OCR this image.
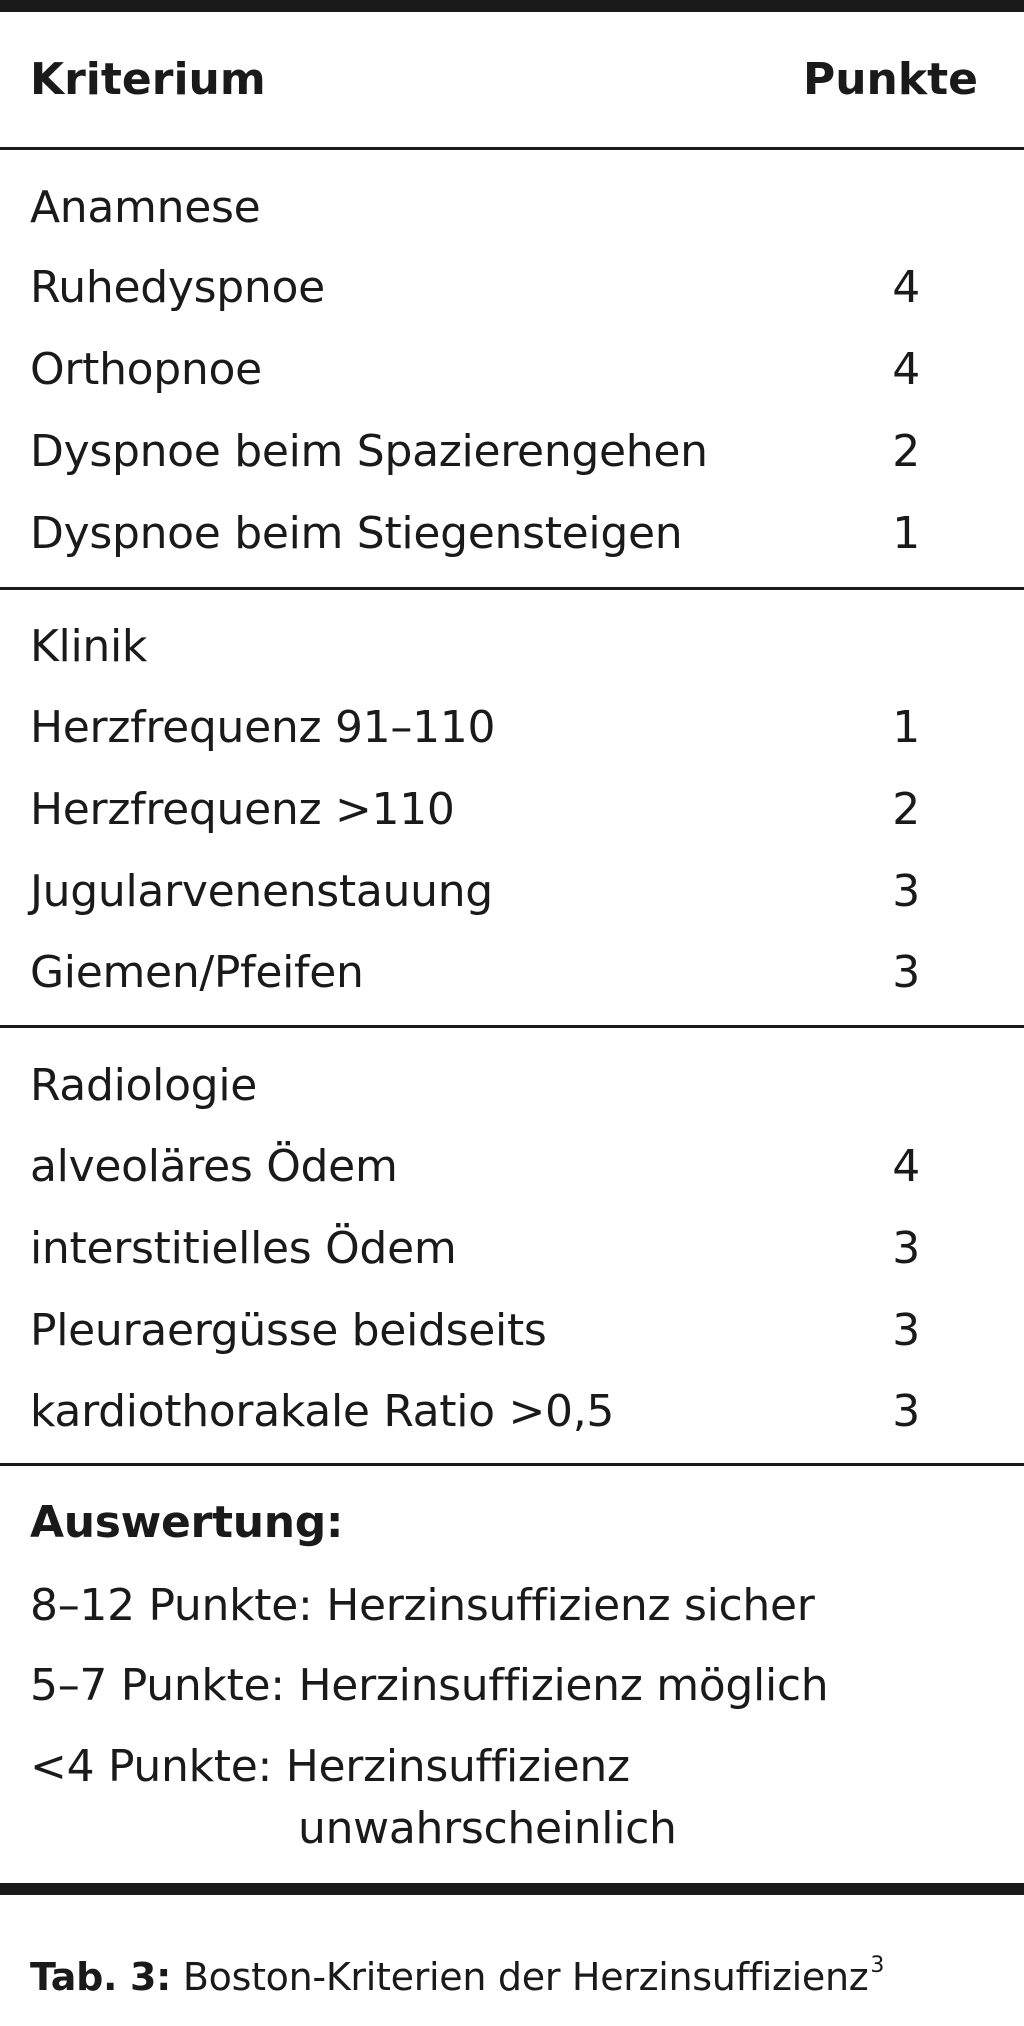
Kriterium	Punkte
Anamnese
Ruhedyspnoe	4
Orthopnoe	4
Dyspnoe beim Spazierengehen	2
Dyspnoe beim Stiegensteigen	1
Klinik
Herzfrequenz 91–110	1
Herzfrequenz >110	2
Jugularvenenstauung	3
Giemen/Pfeifen	3
Radiologie
alveoläres Ödem	4
interstitielles Ödem	3
Pleuraergüsse beidseits	3
kardiothorakale Ratio >0,5	3
Auswertung:
8–12 Punkte: Herzinsuffizienz sicher
5–7 Punkte: Herzinsuffizienz möglich
<4 Punkte: Herzinsuffizienz
unwahrscheinlich
Tab. 3: Boston-Kriterien der Herzinsuffizienz$^3$
